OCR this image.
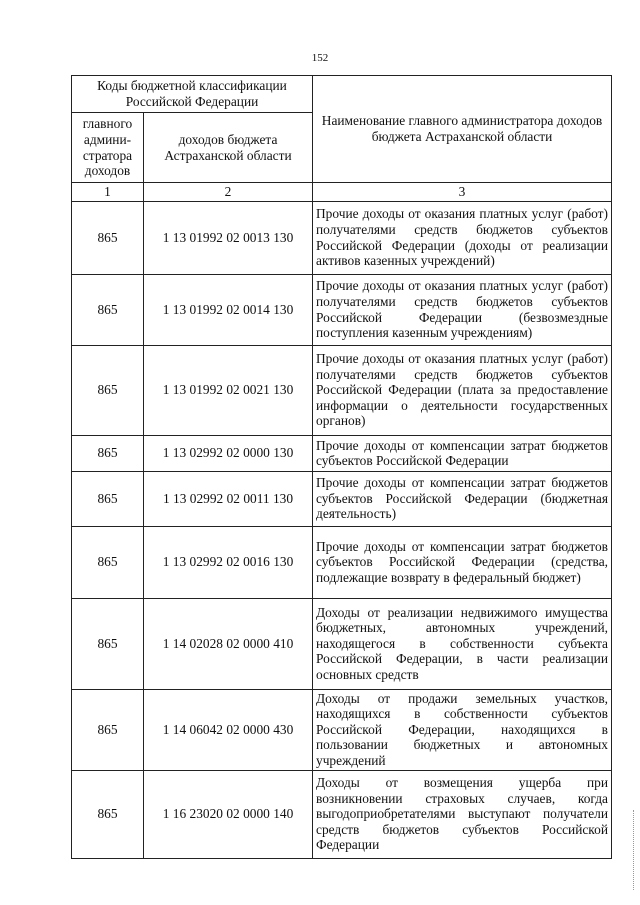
152
Коды бюджетной классификации Российской Федерации		Наименование главного администратора доходов бюджета Астраханской области
главного админи-стратора доходов	доходов бюджета Астраханской области	
1	2	3
865	1 13 01992 02 0013 130	Прочие доходы от оказания платных услуг (работ) получателями средств бюджетов субъектов Российской Федерации (доходы от реализации активов казенных учреждений)
865	1 13 01992 02 0014 130	Прочие доходы от оказания платных услуг (работ) получателями средств бюджетов субъектов Российской Федерации (безвозмездные поступления казенным учреждениям)
865	1 13 01992 02 0021 130	Прочие доходы от оказания платных услуг (работ) получателями средств бюджетов субъектов Российской Федерации (плата за предоставление информации о деятельности государственных органов)
865	1 13 02992 02 0000 130	Прочие доходы от компенсации затрат бюджетов субъектов Российской Федерации
865	1 13 02992 02 0011 130	Прочие доходы от компенсации затрат бюджетов субъектов Российской Федерации (бюджетная деятельность)
865	1 13 02992 02 0016 130	Прочие доходы от компенсации затрат бюджетов субъектов Российской Федерации (средства, подлежащие возврату в федеральный бюджет)
865	1 14 02028 02 0000 410	Доходы от реализации недвижимого имущества бюджетных, автономных учреждений, находящегося в собственности субъекта Российской Федерации, в части реализации основных средств
865	1 14 06042 02 0000 430	Доходы от продажи земельных участков, находящихся в собственности субъектов Российской Федерации, находящихся в пользовании бюджетных и автономных учреждений
865	1 16 23020 02 0000 140	Доходы от возмещения ущерба при возникновении страховых случаев, когда выгодоприобретателями выступают получатели средств бюджетов субъектов Российской Федерации
